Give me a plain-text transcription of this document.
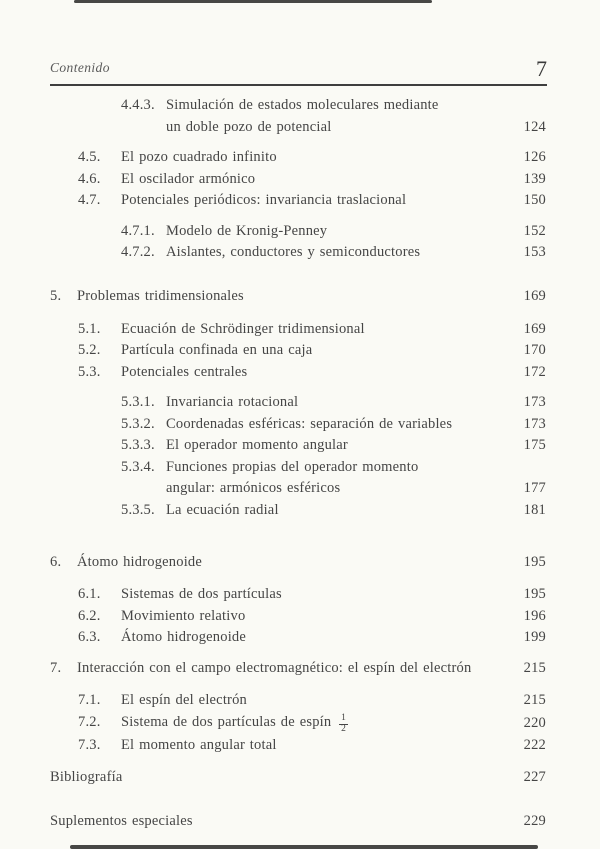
Contenido	7
4.4.3. Simulación de estados moleculares mediante
un doble pozo de potencial	124
4.5.	El pozo cuadrado infinito	126
4.6.	El oscilador armónico	139
4.7.	Potenciales periódicos: invariancia traslacional	150
4.7.1. Modelo de Kronig-Penney	152
4.7.2. Aislantes, conductores y semiconductores	153
5.	Problemas tridimensionales	169
5.1.	Ecuación de Schrödinger tridimensional	169
5.2.	Partícula confinada en una caja	170
5.3.	Potenciales centrales	172
5.3.1. Invariancia rotacional	173
5.3.2. Coordenadas esféricas: separación de variables	173
5.3.3. El operador momento angular	175
5.3.4. Funciones propias del operador momento
angular: armónicos esféricos	177
5.3.5. La ecuación radial	181
6.	Átomo hidrogenoide	195
6.1.	Sistemas de dos partículas	195
6.2.	Movimiento relativo	196
6.3.	Átomo hidrogenoide	199
7.	Interacción con el campo electromagnético: el espín del electrón	215
7.1.	El espín del electrón	215
7.2.	Sistema de dos partículas de espín $\frac{1}{2}$	220
7.3.	El momento angular total	222
Bibliografía	227
Suplementos especiales	229
